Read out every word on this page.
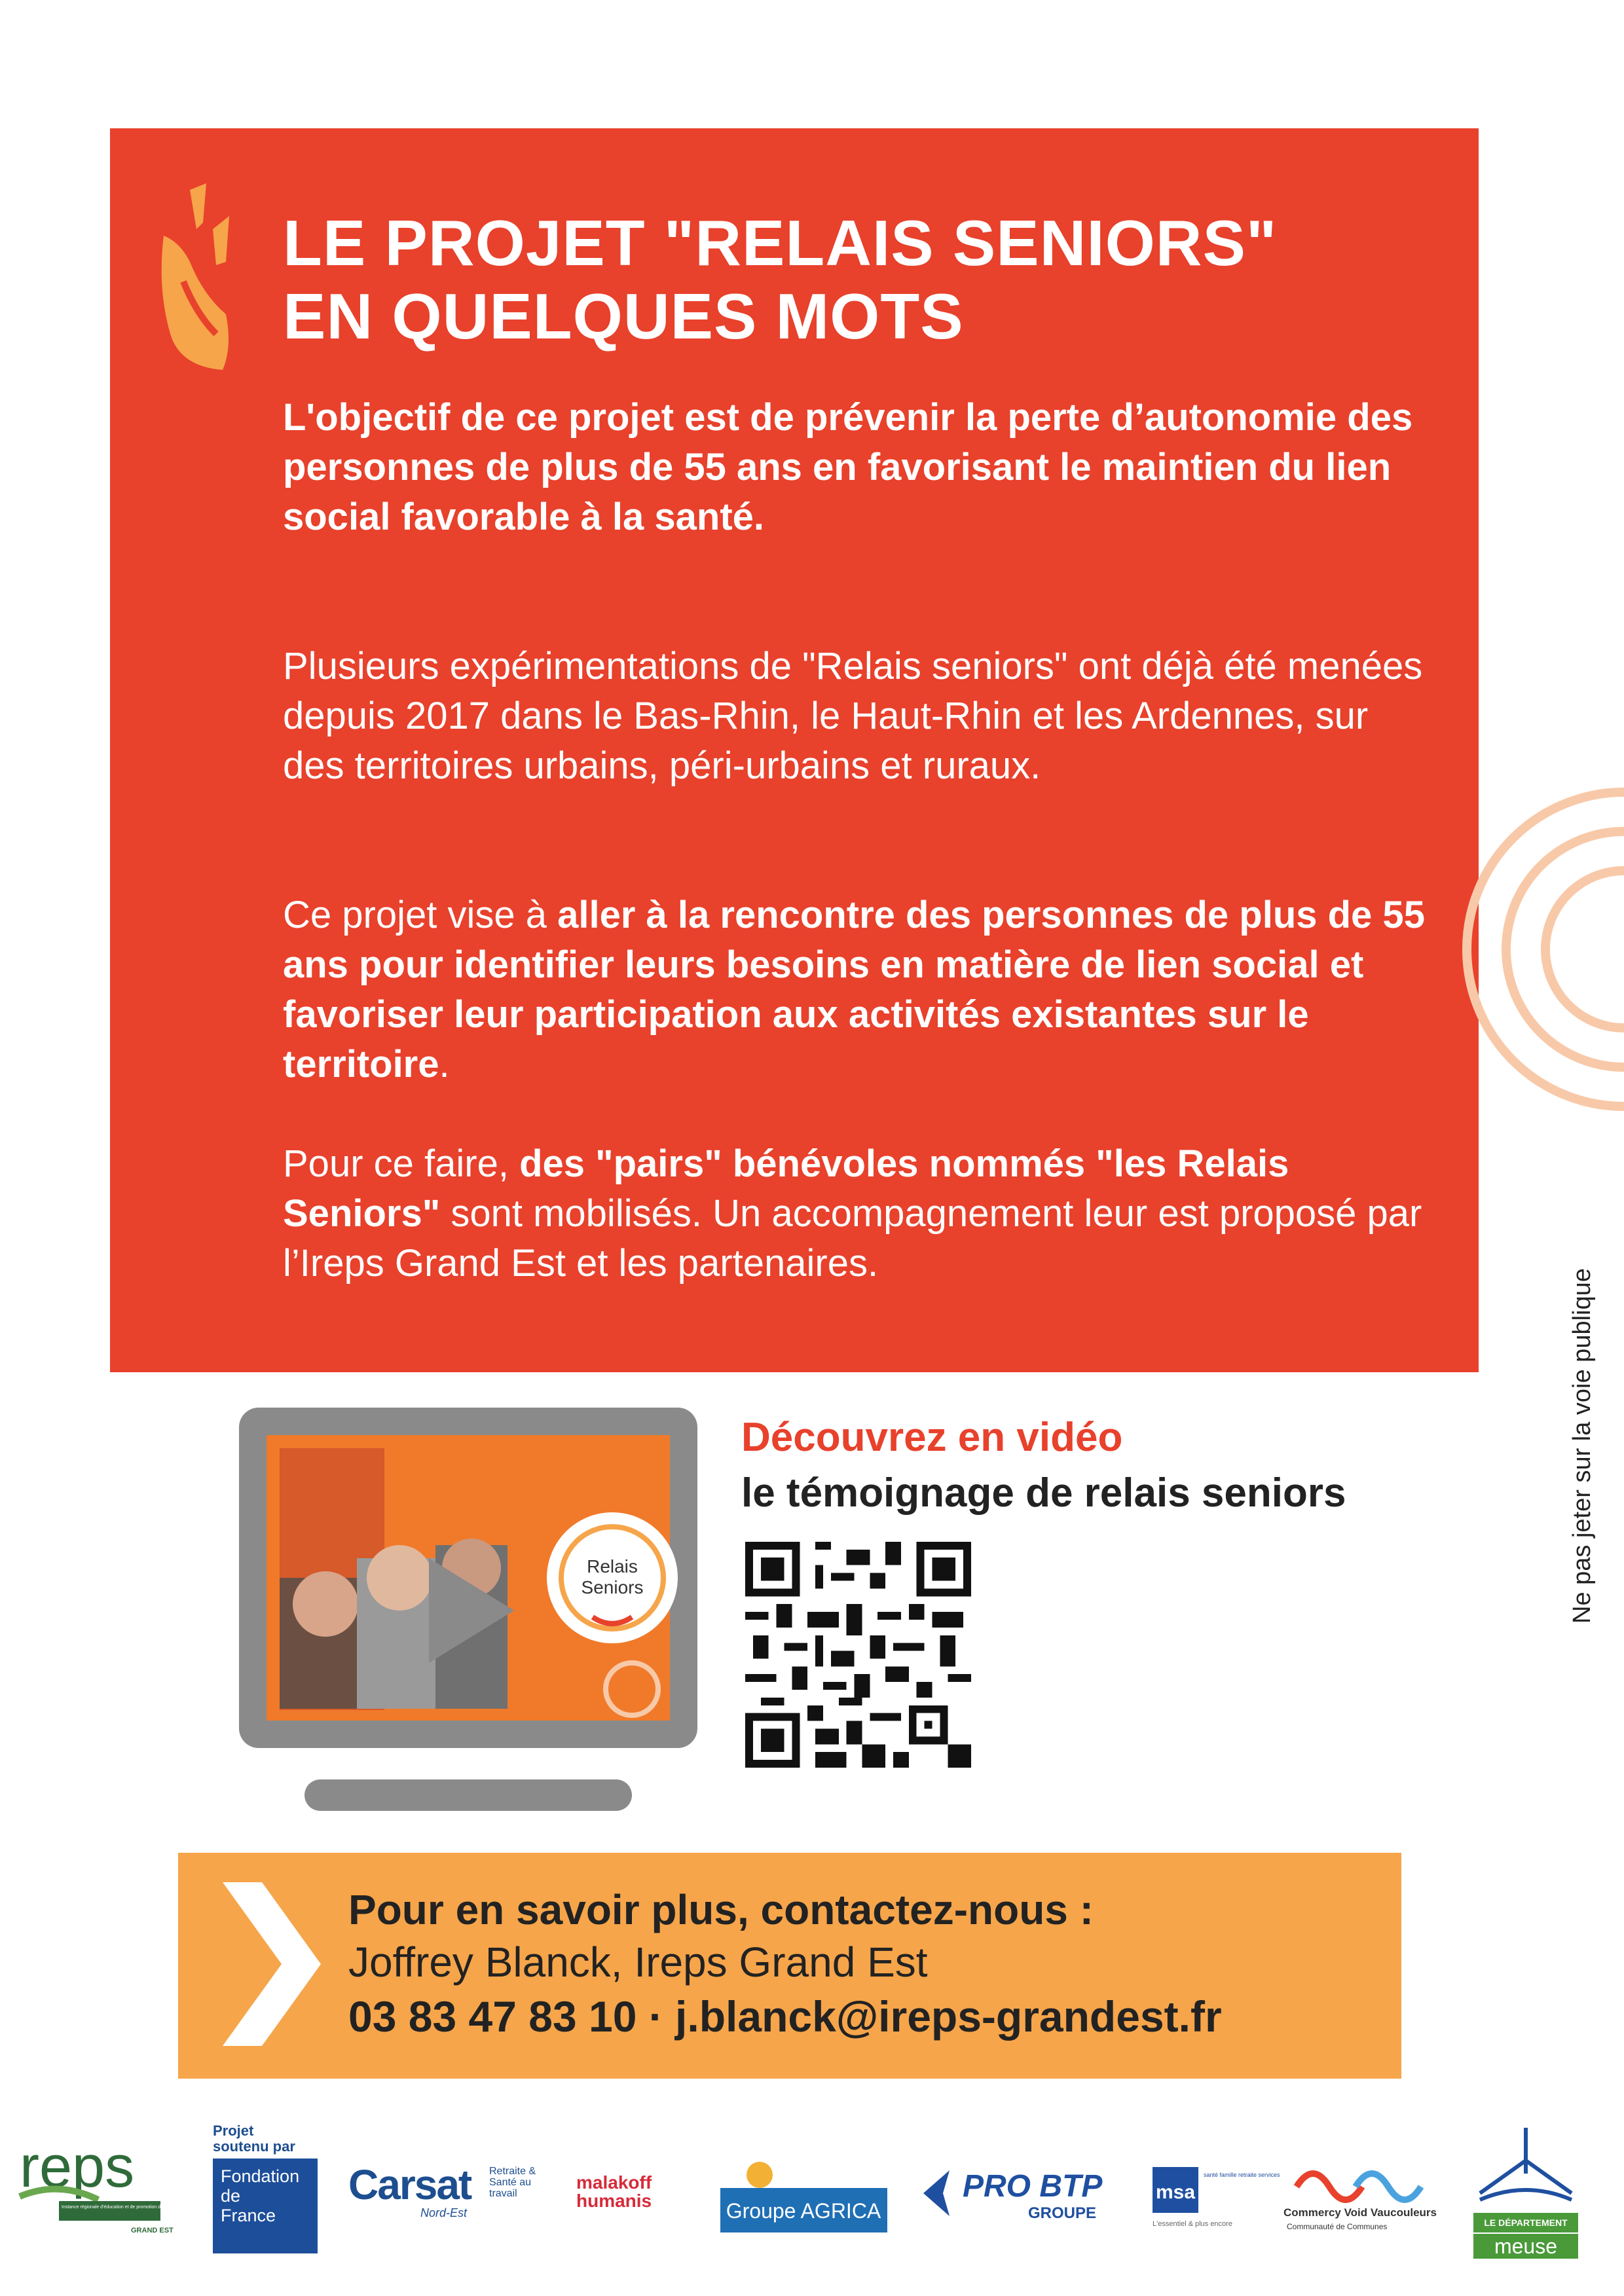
LE PROJET "RELAIS SENIORS"
EN QUELQUES MOTS

L'objectif de ce projet est de prévenir la perte d’autonomie des personnes de plus de 55 ans en favorisant le maintien du lien social favorable à la santé.

Plusieurs expérimentations de "Relais seniors" ont déjà été menées depuis 2017 dans le Bas-Rhin, le Haut-Rhin et les Ardennes, sur des territoires urbains, péri-urbains et ruraux.

Ce projet vise à aller à la rencontre des personnes de plus de 55 ans pour identifier leurs besoins en matière de lien social et favoriser leur participation aux activités existantes sur le territoire.

Pour ce faire, des "pairs" bénévoles nommés "les Relais Seniors" sont mobilisés. Un accompagnement leur est proposé par l’Ireps Grand Est et les partenaires.

Ne pas jeter sur la voie publique
Relais
Seniors
Découvrez en vidéo
le témoignage de relais seniors
Pour en savoir plus, contactez-nous :
Joffrey Blanck, Ireps Grand Est
03 83 47 83 10 · j.blanck@ireps-grandest.fr
reps
Instance régionale d'éducation et de promotion de la santé
GRAND EST
Projet soutenu par
Fondation
de
France
Carsat Retraite & Santé au travail
Nord-Est
malakoff
humanis	Groupe AGRICA
PRO BTP
GROUPE
msa
santé famille retraite services
L'essentiel & plus encore
Commercy Void Vaucouleurs
Communauté de Communes	LE DÉPARTEMENT
meuse
